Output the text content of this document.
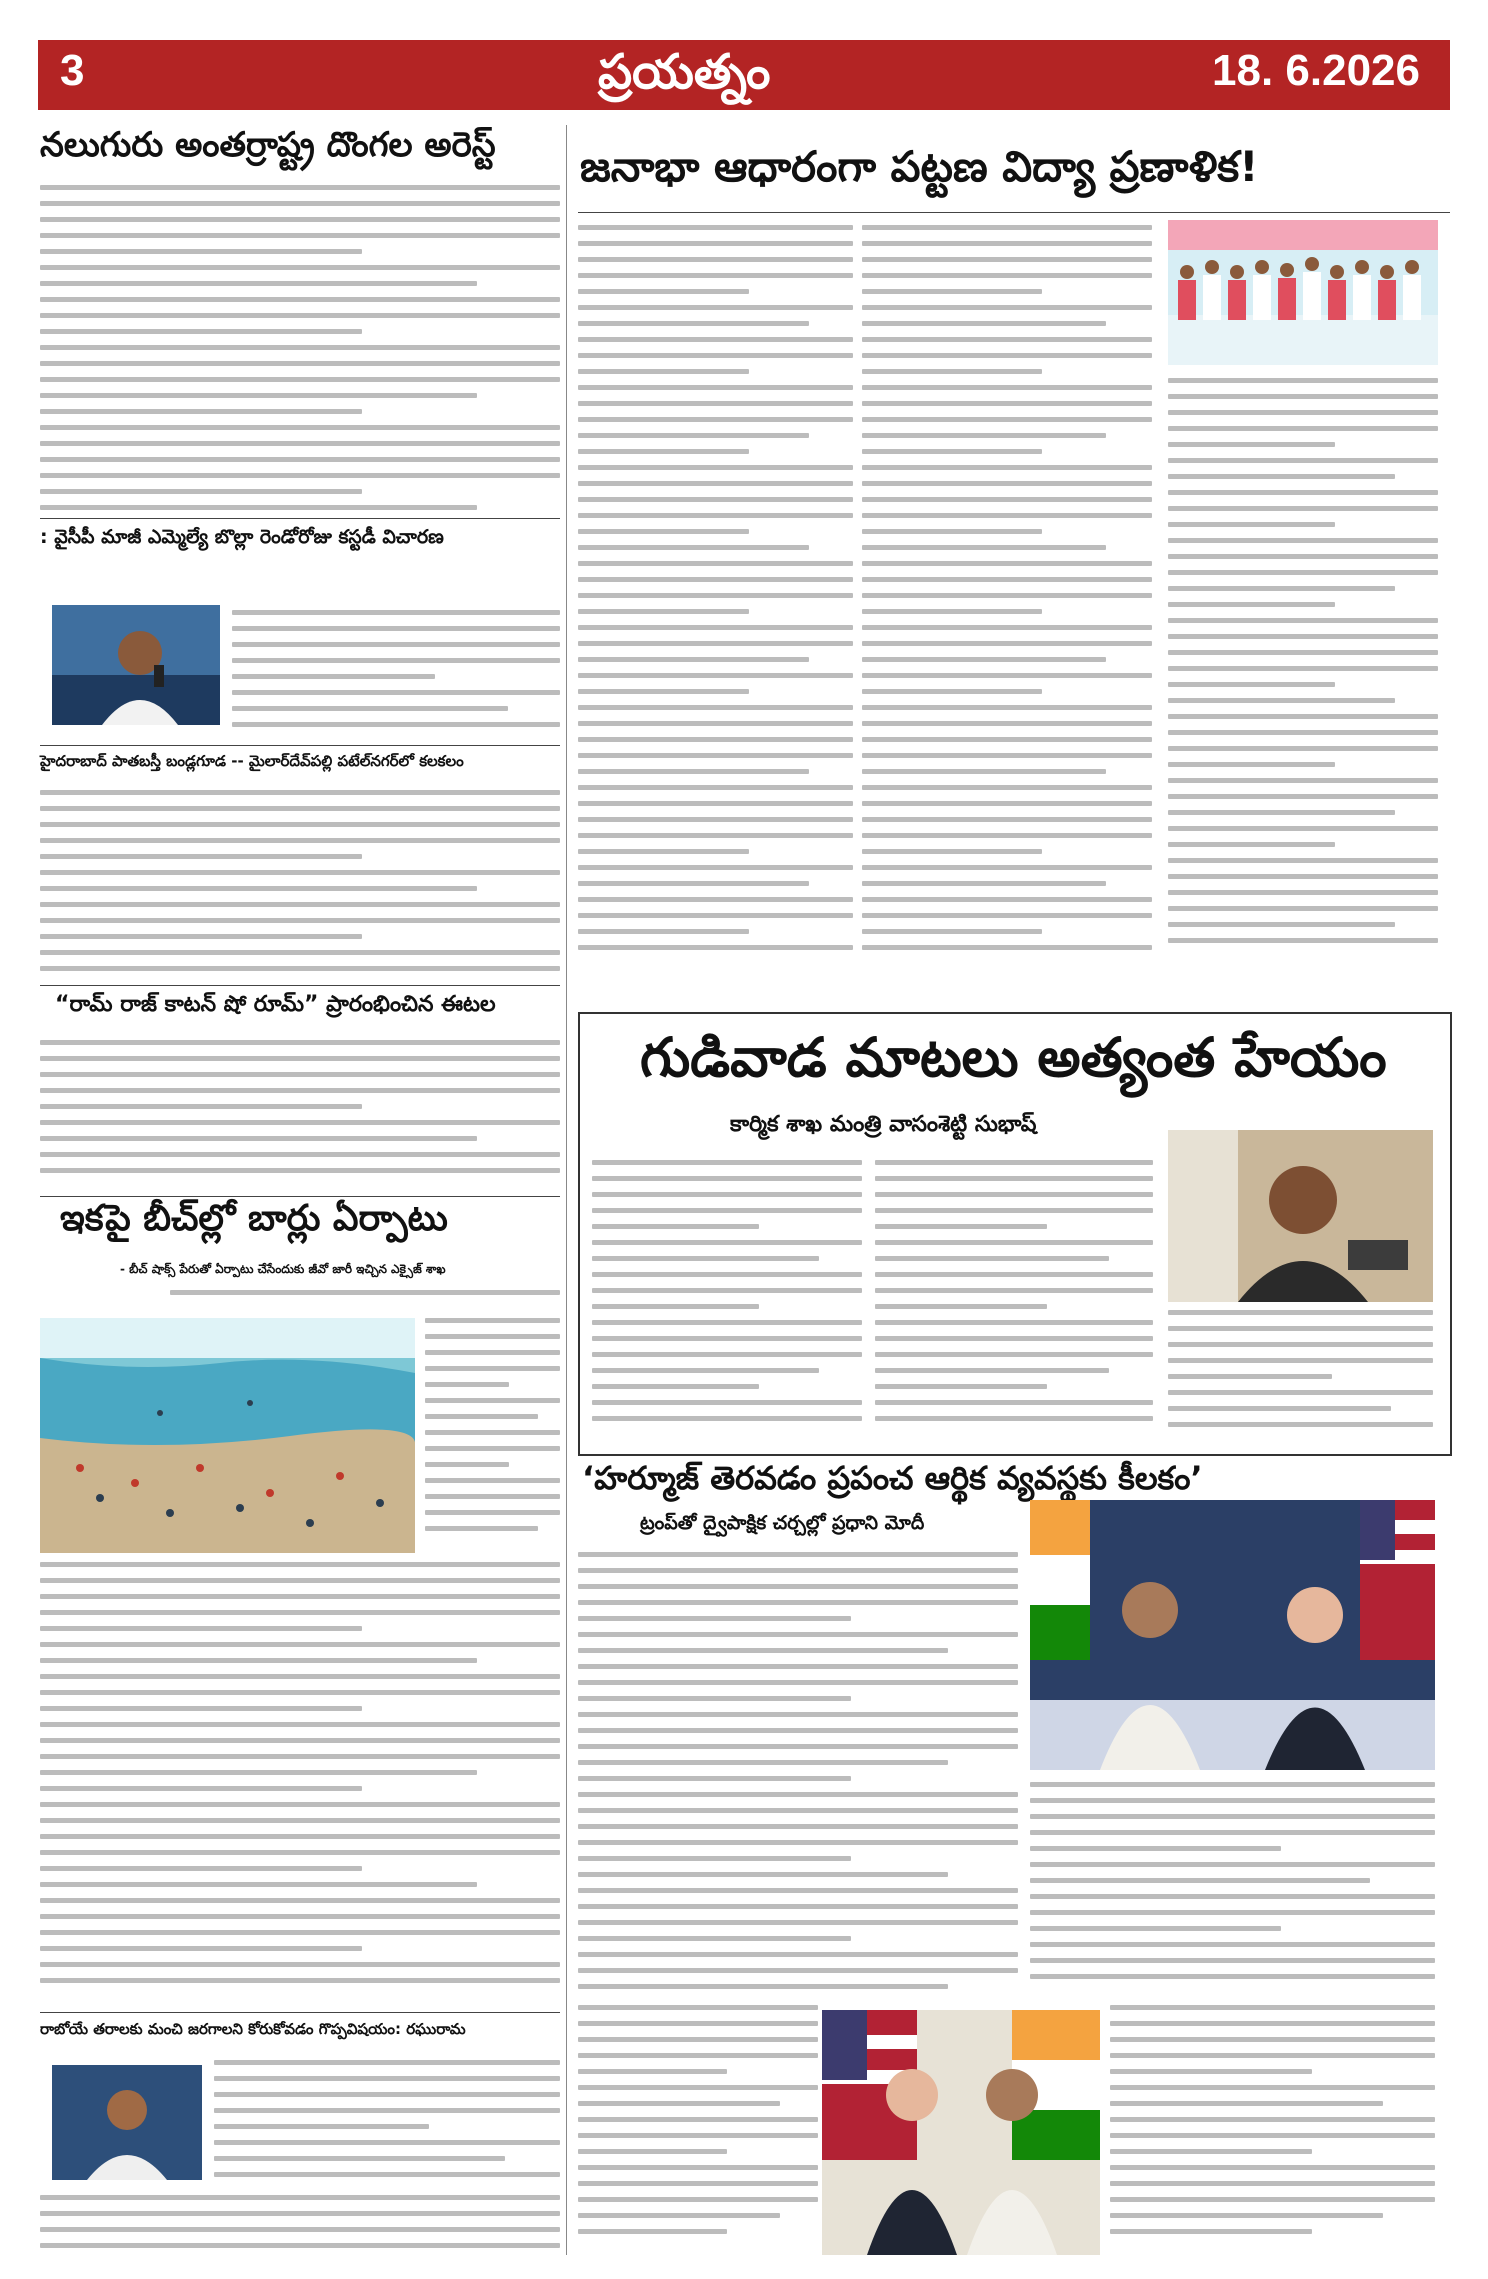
3	ప్రయత్నం	18. 6.2026
నలుగురు అంతర్రాష్ట్ర దొంగల అరెస్ట్
: వైసీపీ మాజీ ఎమ్మెల్యే బొల్లా రెండోరోజు కస్టడీ విచారణ
హైదరాబాద్ పాతబస్తీ బండ్లగూడ -- మైలార్‌దేవ్‌పల్లి పటేల్‌నగర్‌లో కలకలం
“రామ్ రాజ్ కాటన్ షో రూమ్” ప్రారంభించిన ఈటల
ఇకపై బీచ్‌ల్లో బార్లు ఏర్పాటు
- బీచ్ షాక్స్ పేరుతో ఏర్పాటు చేసేందుకు జీవో జారీ ఇచ్చిన ఎక్సైజ్ శాఖ
రాబోయే తరాలకు మంచి జరగాలని కోరుకోవడం గొప్పవిషయం: రఘురామ
జనాభా ఆధారంగా పట్టణ విద్యా ప్రణాళిక!
గుడివాడ మాటలు అత్యంత హేయం
కార్మిక శాఖ మంత్రి వాసంశెట్టి సుభాష్
‘హర్మూజ్ తెరవడం ప్రపంచ ఆర్థిక వ్యవస్థకు కీలకం’
ట్రంప్‌తో ద్వైపాక్షిక చర్చల్లో ప్రధాని మోదీ
